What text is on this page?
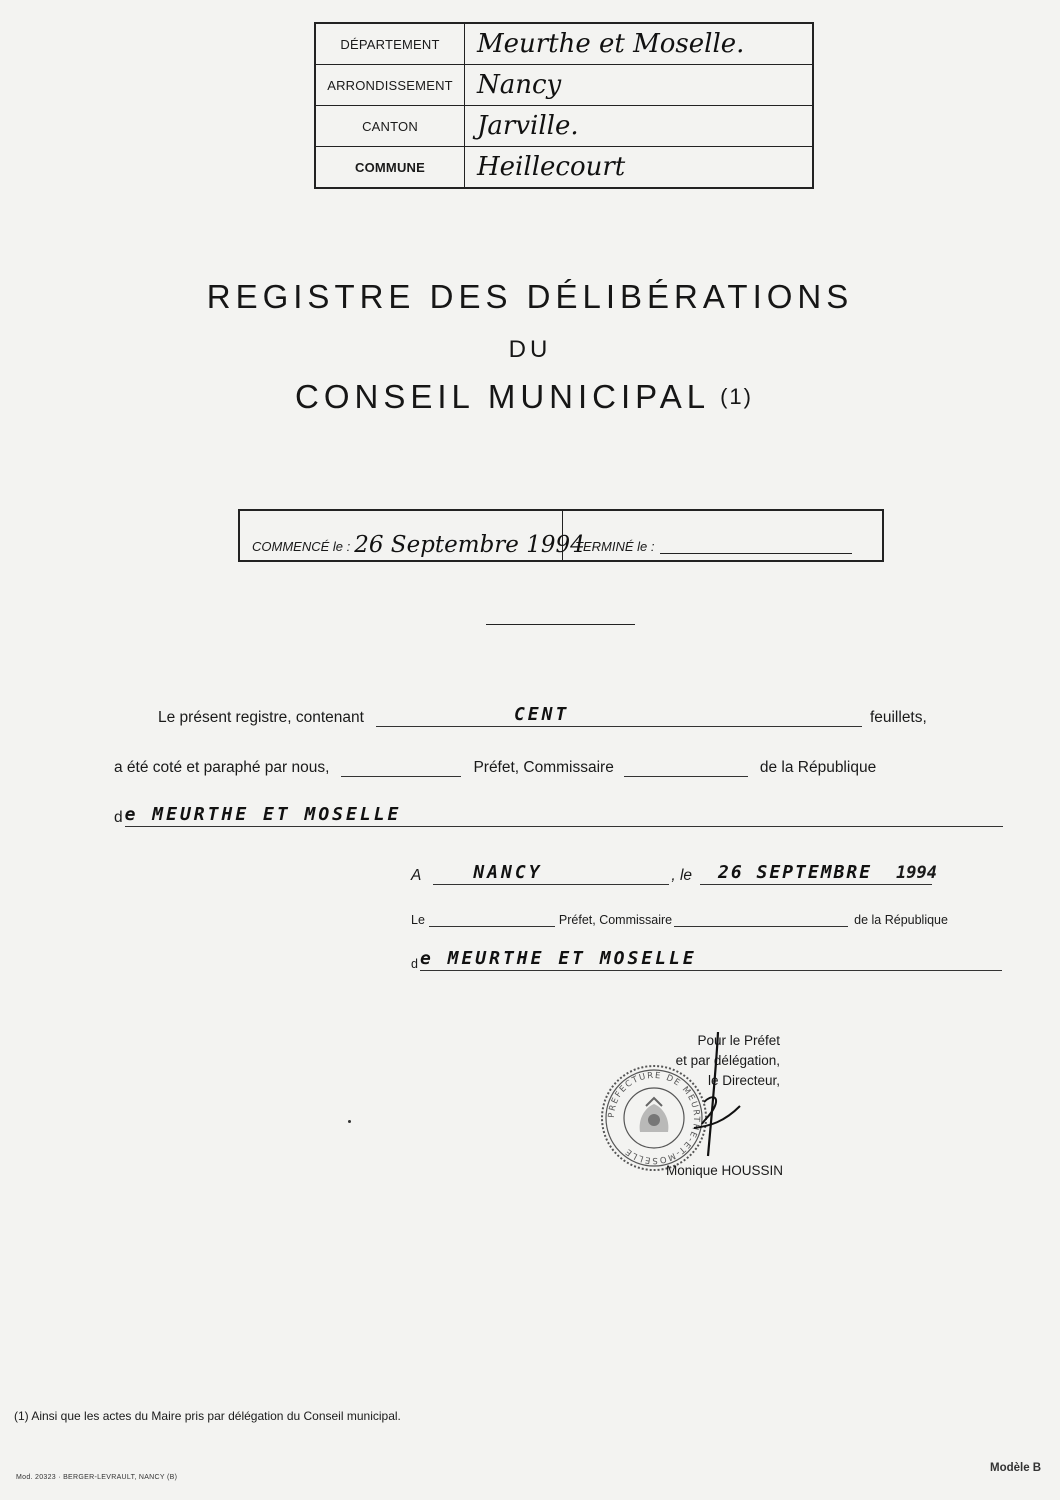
DÉPARTEMENT	Meurthe et Moselle.
ARRONDISSEMENT Nancy
CANTON	Jarville.
COMMUNE	Heillecourt
REGISTRE DES DÉLIBÉRATIONS
DU
CONSEIL MUNICIPAL (1)
COMMENCÉ le : 26 Septembre 1994
TERMINÉ le :
Le présent registre, contenant	CENT	feuillets,
a été coté et paraphé par nous,	Préfet, Commissaire	de la République
d e MEURTHE ET MOSELLE
A	NANCY	, le 26 SEPTEMBRE 1994
Le	Préfet, Commissaire	de la République
d e MEURTHE ET MOSELLE
Pour le Préfet
et par délégation,
le Directeur,
PREFECTURE DE MEURTHE-ET-MOSELLE
Monique HOUSSIN
(1) Ainsi que les actes du Maire pris par délégation du Conseil municipal.
Mod. 20323 · BERGER-LEVRAULT, NANCY (B)
Modèle B
